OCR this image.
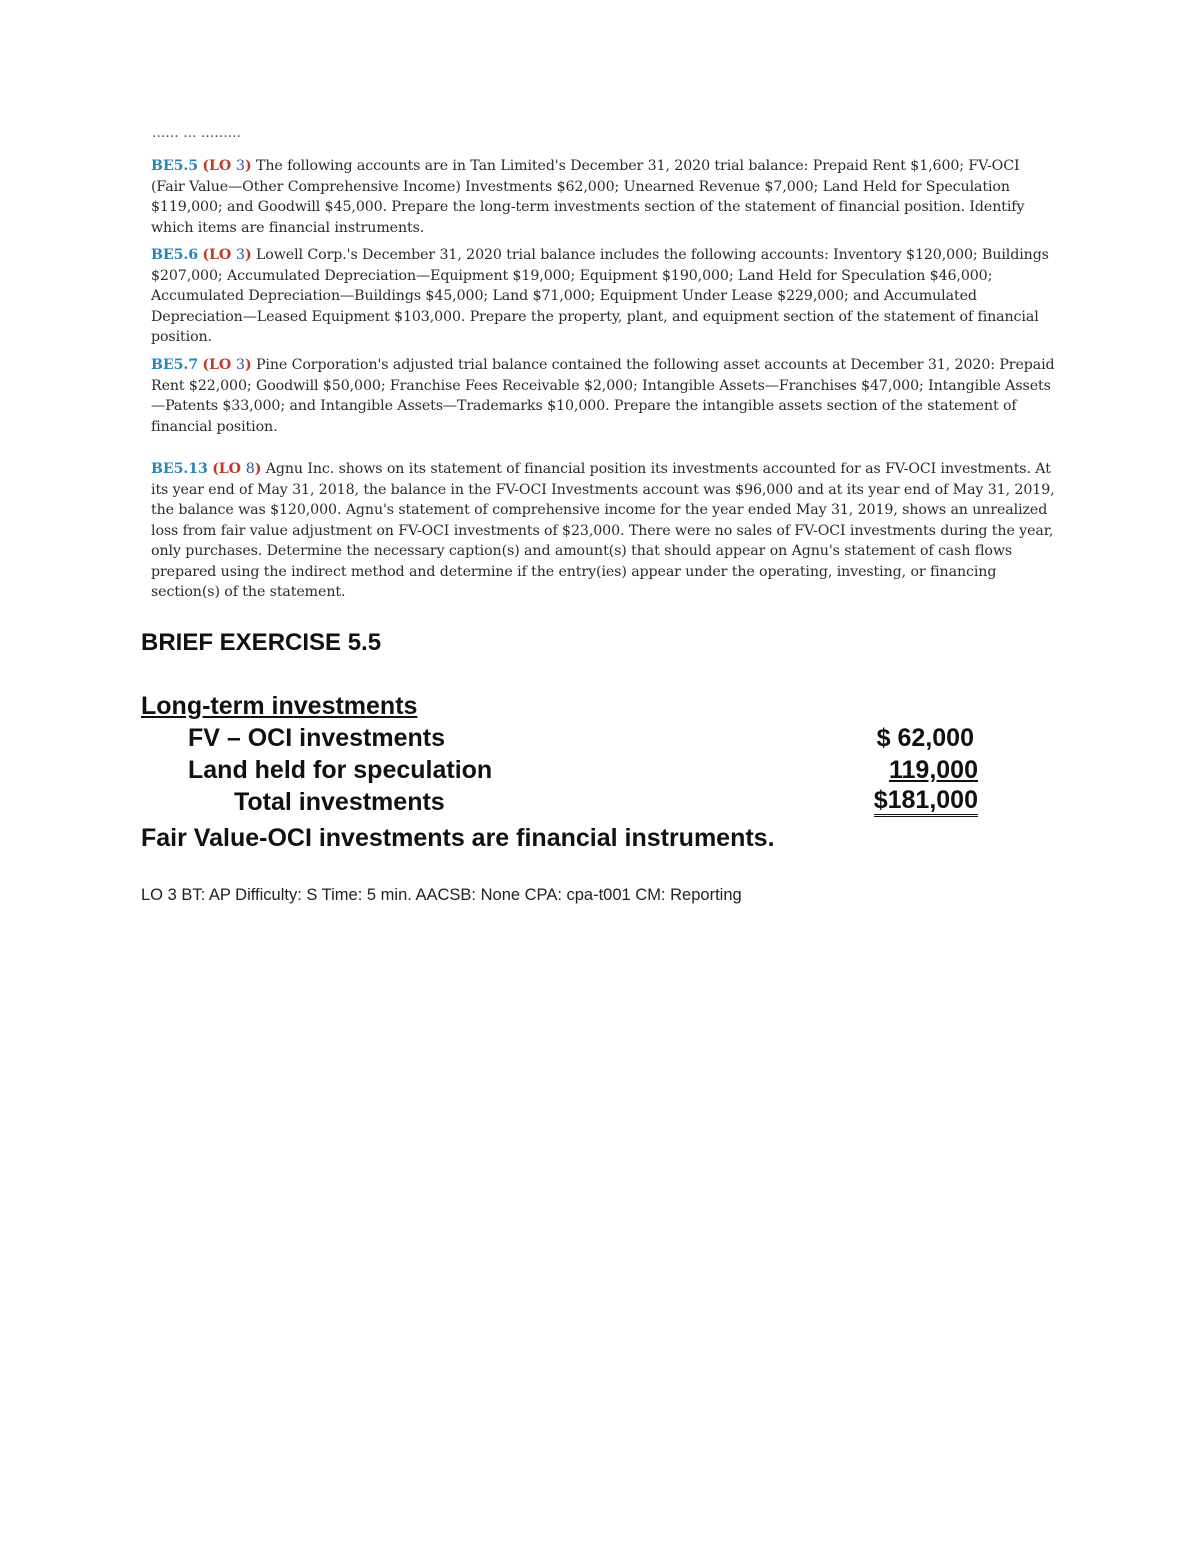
...... ... .........
BE5.5 (LO 3) The following accounts are in Tan Limited's December 31, 2020 trial balance: Prepaid Rent $1,600; FV-OCI (Fair Value—Other Comprehensive Income) Investments $62,000; Unearned Revenue $7,000; Land Held for Speculation $119,000; and Goodwill $45,000. Prepare the long-term investments section of the statement of financial position. Identify which items are financial instruments.
BE5.6 (LO 3) Lowell Corp.'s December 31, 2020 trial balance includes the following accounts: Inventory $120,000; Buildings $207,000; Accumulated Depreciation—Equipment $19,000; Equipment $190,000; Land Held for Speculation $46,000; Accumulated Depreciation—Buildings $45,000; Land $71,000; Equipment Under Lease $229,000; and Accumulated Depreciation—Leased Equipment $103,000. Prepare the property, plant, and equipment section of the statement of financial position.
BE5.7 (LO 3) Pine Corporation's adjusted trial balance contained the following asset accounts at December 31, 2020: Prepaid Rent $22,000; Goodwill $50,000; Franchise Fees Receivable $2,000; Intangible Assets—Franchises $47,000; Intangible Assets—Patents $33,000; and Intangible Assets—Trademarks $10,000. Prepare the intangible assets section of the statement of financial position.
BE5.13 (LO 8) Agnu Inc. shows on its statement of financial position its investments accounted for as FV-OCI investments. At its year end of May 31, 2018, the balance in the FV-OCI Investments account was $96,000 and at its year end of May 31, 2019, the balance was $120,000. Agnu's statement of comprehensive income for the year ended May 31, 2019, shows an unrealized loss from fair value adjustment on FV-OCI investments of $23,000. There were no sales of FV-OCI investments during the year, only purchases. Determine the necessary caption(s) and amount(s) that should appear on Agnu's statement of cash flows prepared using the indirect method and determine if the entry(ies) appear under the operating, investing, or financing section(s) of the statement.
BRIEF EXERCISE 5.5
Long-term investments
FV – OCI investments	$ 62,000
Land held for speculation	119,000
Total investments	$181,000
Fair Value-OCI investments are financial instruments.
LO 3 BT: AP Difficulty: S Time: 5 min. AACSB: None CPA: cpa-t001 CM: Reporting
